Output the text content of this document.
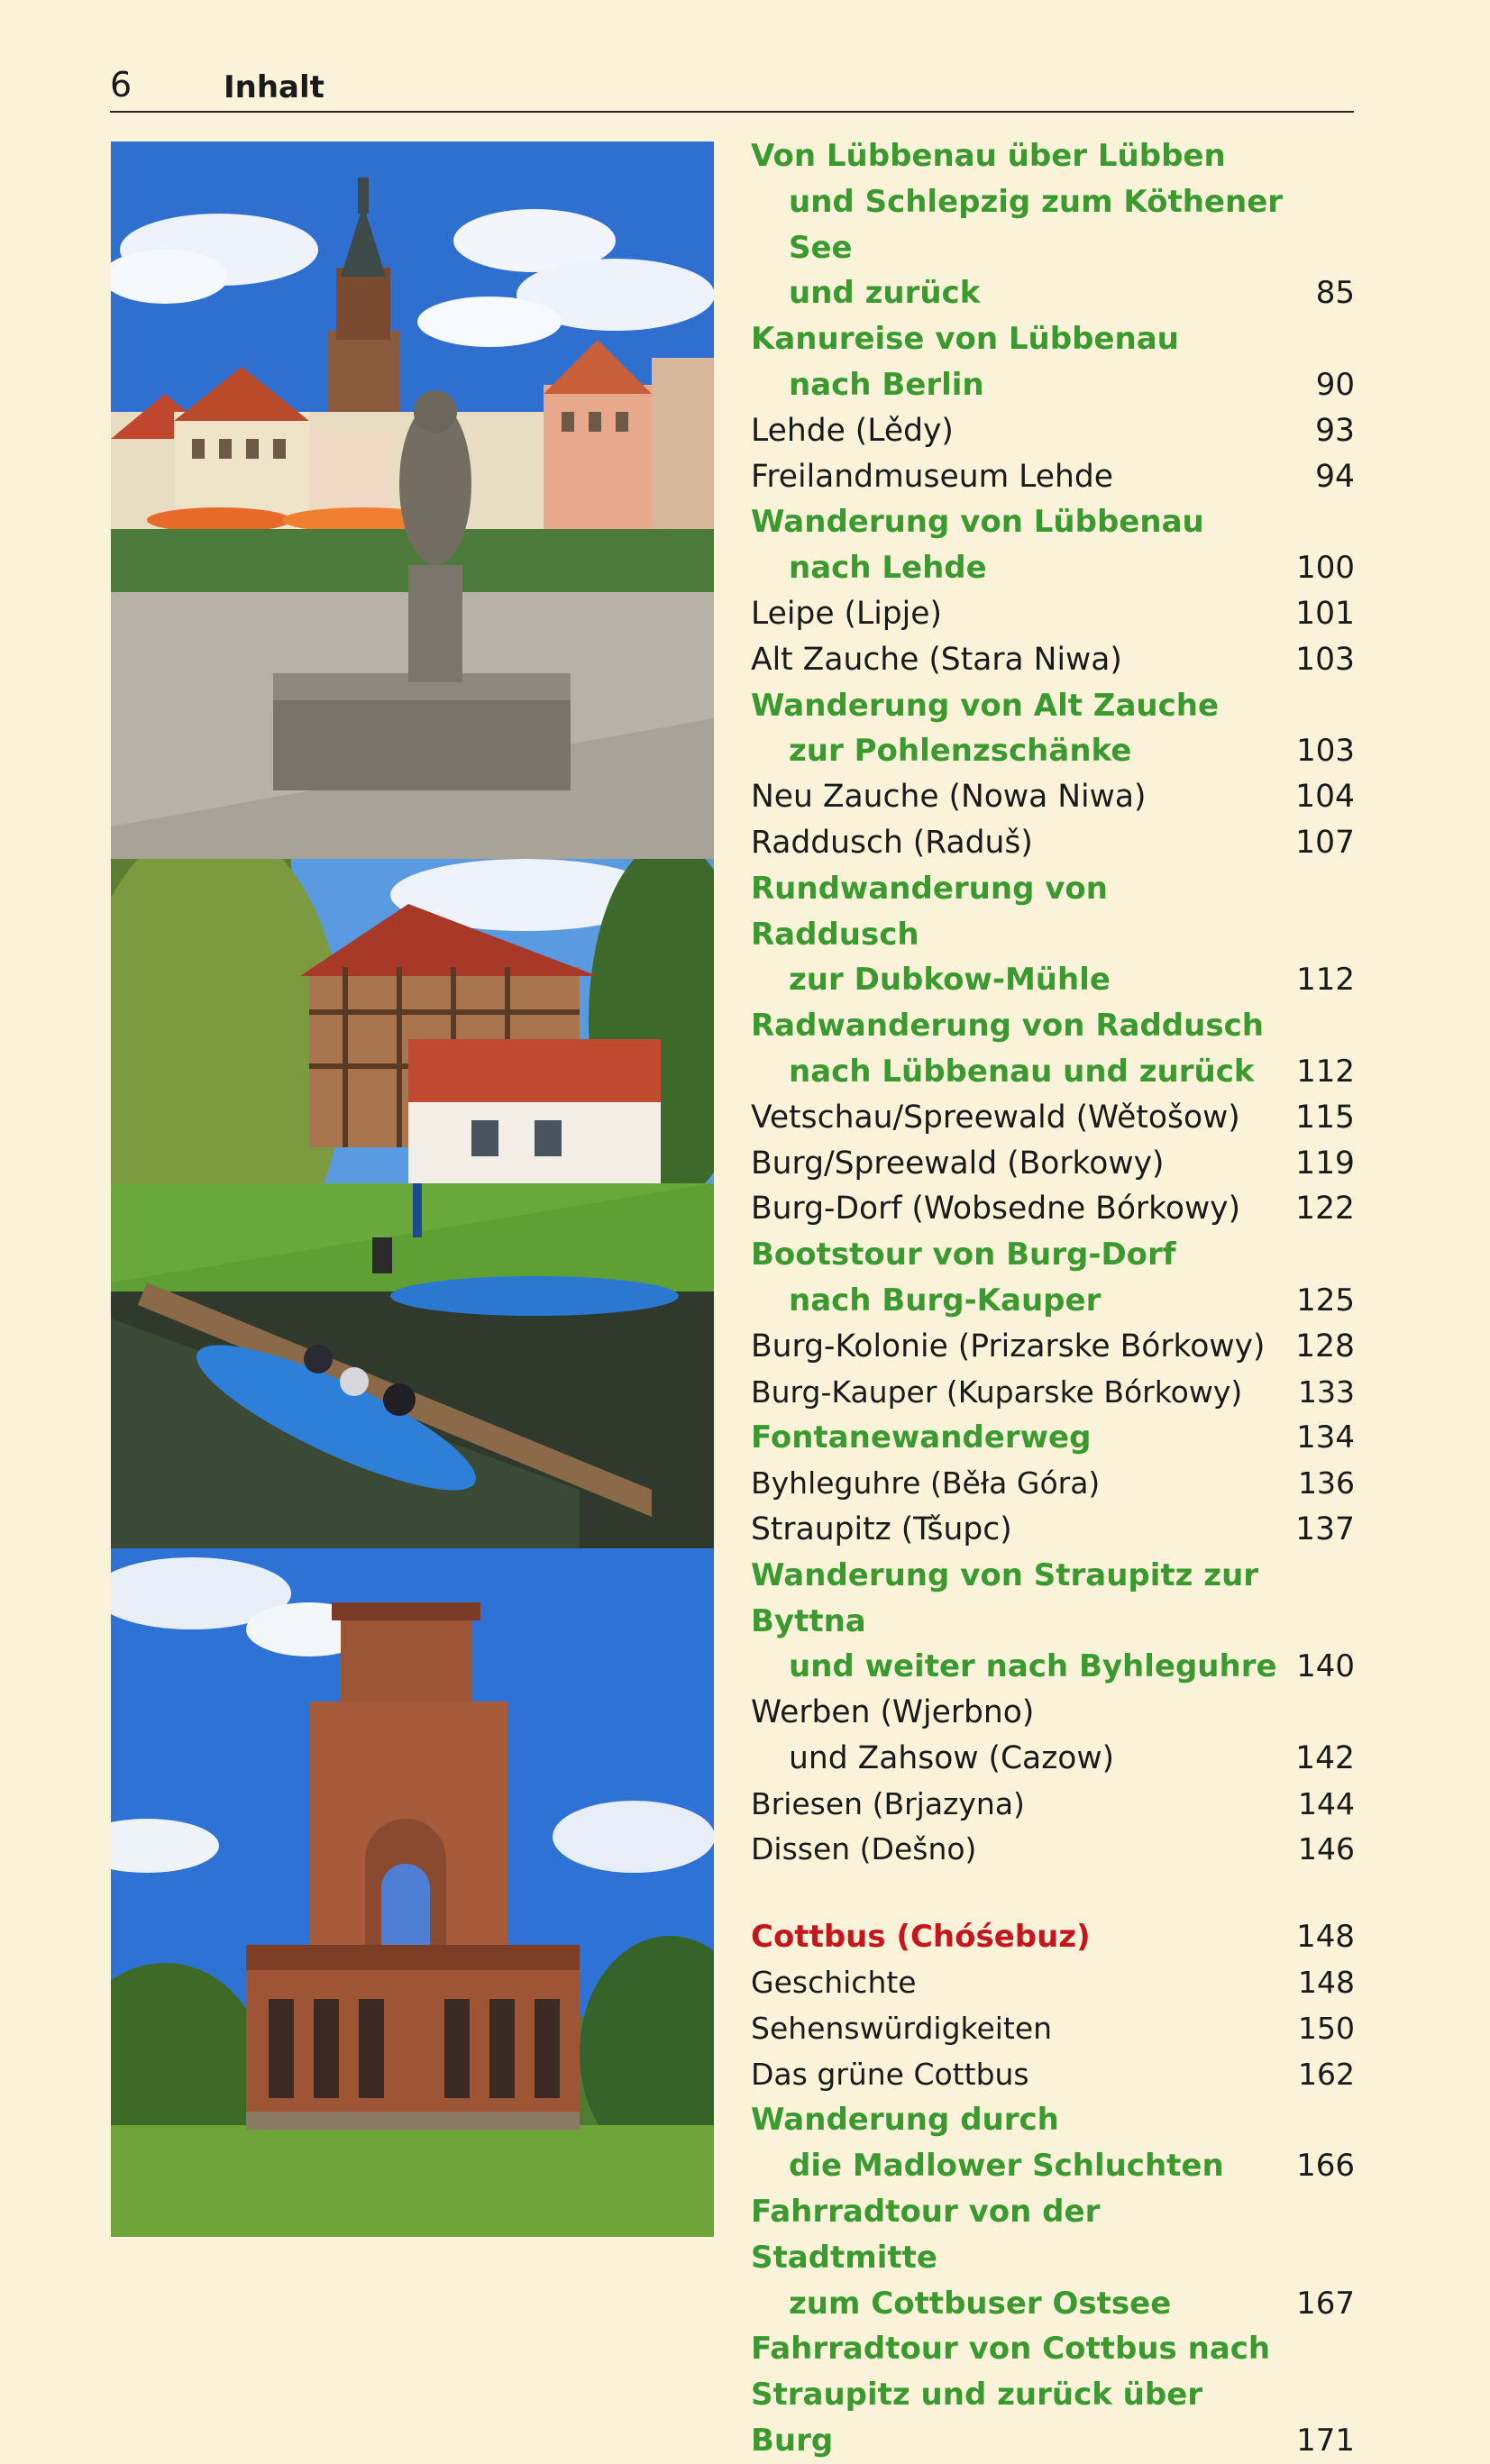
6	Inhalt
Von Lübbenau über Lübben
und Schlepzig zum Köthener See
und zurück	85
Kanureise von Lübbenau
nach Berlin	90
Lehde (Lědy)	93
Freilandmuseum Lehde	94
Wanderung von Lübbenau
nach Lehde	100
Leipe (Lipje)	101
Alt Zauche (Stara Niwa)	103
Wanderung von Alt Zauche
zur Pohlenzschänke	103
Neu Zauche (Nowa Niwa)	104
Raddusch (Raduš)	107
Rundwanderung von Raddusch
zur Dubkow-Mühle	112
Radwanderung von Raddusch
nach Lübbenau und zurück	112
Vetschau/Spreewald (Wětošow)	115
Burg/Spreewald (Borkowy)	119
Burg-Dorf (Wobsedne Bórkowy)	122
Bootstour von Burg-Dorf
nach Burg-Kauper	125
Burg-Kolonie (Prizarske Bórkowy) 128
Burg-Kauper (Kuparske Bórkowy)	133
Fontanewanderweg	134
Byhleguhre (Běła Góra)	136
Straupitz (Tšupc)	137
Wanderung von Straupitz zur Byttna
und weiter nach Byhleguhre 140
Werben (Wjerbno)
und Zahsow (Cazow)	142
Briesen (Brjazyna)	144
Dissen (Dešno)	146
Cottbus (Chóśebuz)	148
Geschichte	148
Sehenswürdigkeiten	150
Das grüne Cottbus	162
Wanderung durch
die Madlower Schluchten	166
Fahrradtour von der Stadtmitte
zum Cottbuser Ostsee	167
Fahrradtour von Cottbus nach
Straupitz und zurück über Burg	171
